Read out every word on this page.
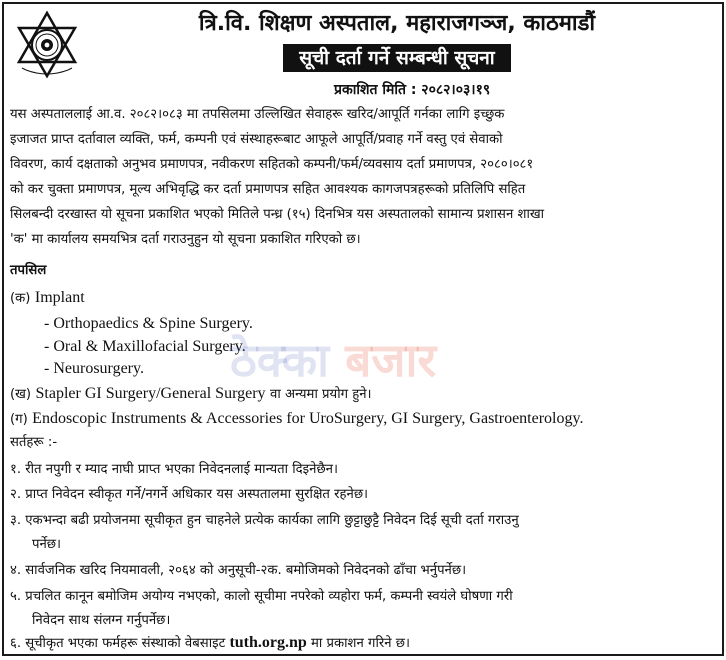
त्रि.वि. शिक्षण अस्पताल, महाराजगञ्ज, काठमाडौं
सूची दर्ता गर्ने सम्बन्धी सूचना
प्रकाशित मिति : २०८२।०३।१९
यस अस्पताललाई आ.व. २०८२।०८३ मा तपसिलमा उल्लिखित सेवाहरू खरिद/आपूर्ति गर्नका लागि इच्छुक
इजाजत प्राप्त दर्तावाल व्यक्ति, फर्म, कम्पनी एवं संस्थाहरूबाट आफूले आपूर्ति/प्रवाह गर्ने वस्तु एवं सेवाको
विवरण, कार्य दक्षताको अनुभव प्रमाणपत्र, नवीकरण सहितको कम्पनी/फर्म/व्यवसाय दर्ता प्रमाणपत्र, २०८०।०८१
को कर चुक्ता प्रमाणपत्र, मूल्य अभिवृद्धि कर दर्ता प्रमाणपत्र सहित आवश्यक कागजपत्रहरूको प्रतिलिपि सहित
सिलबन्दी दरखास्त यो सूचना प्रकाशित भएको मितिले पन्ध्र (१५) दिनभित्र यस अस्पतालको सामान्य प्रशासन शाखा
'क' मा कार्यालय समयभित्र दर्ता गराउनुहुन यो सूचना प्रकाशित गरिएको छ।
तपसिल
(क) Implant
- Orthopaedics & Spine Surgery.
- Oral & Maxillofacial Surgery.
- Neurosurgery.
(ख) Stapler GI Surgery/General Surgery वा अन्यमा प्रयोग हुने।
(ग) Endoscopic Instruments & Accessories for UroSurgery, GI Surgery, Gastroenterology.
सर्तहरू :-
१. रीत नपुगी र म्याद नाघी प्राप्त भएका निवेदनलाई मान्यता दिइनेछैन।
२. प्राप्त निवेदन स्वीकृत गर्ने/नगर्ने अधिकार यस अस्पतालमा सुरक्षित रहनेछ।
३. एकभन्दा बढी प्रयोजनमा सूचीकृत हुन चाहनेले प्रत्येक कार्यका लागि छुट्टाछुट्टै निवेदन दिई सूची दर्ता गराउनु
पर्नेछ।
४. सार्वजनिक खरिद नियमावली, २०६४ को अनुसूची-२क. बमोजिमको निवेदनको ढाँचा भर्नुपर्नेछ।
५. प्रचलित कानून बमोजिम अयोग्य नभएको, कालो सूचीमा नपरेको व्यहोरा फर्म, कम्पनी स्वयंले घोषणा गरी
निवेदन साथ संलग्न गर्नुपर्नेछ।
६. सूचीकृत भएका फर्महरू संस्थाको वेबसाइट tuth.org.np मा प्रकाशन गरिने छ।
ठेक्का बजार
